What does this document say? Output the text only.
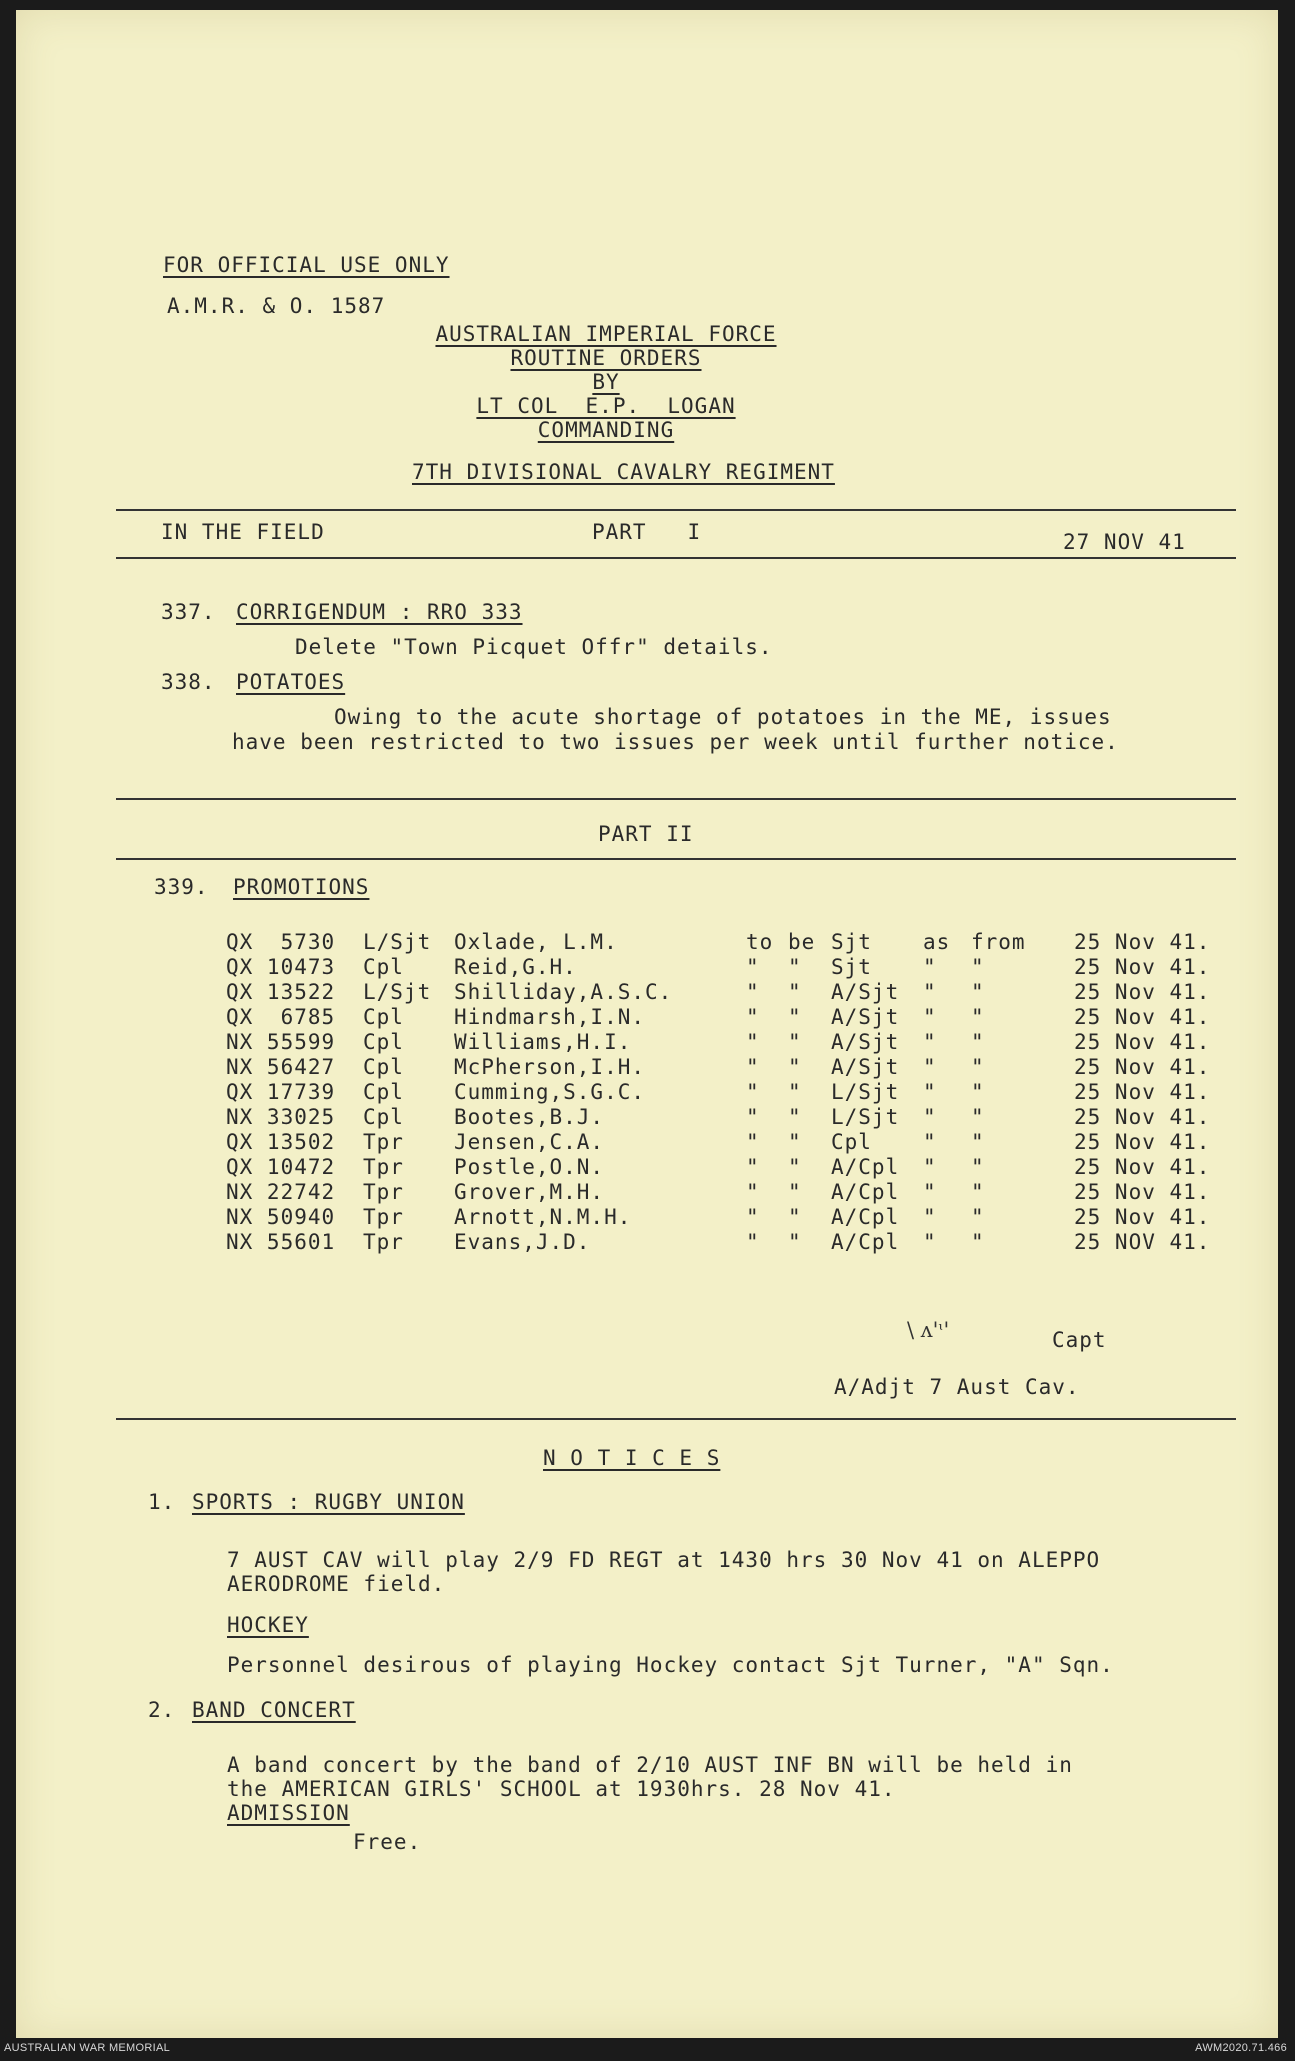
FOR OFFICIAL USE ONLY
A.M.R. & O. 1587
AUSTRALIAN IMPERIAL FORCE
ROUTINE ORDERS
BY
LT COL  E.P.  LOGAN
COMMANDING
7TH DIVISIONAL CAVALRY REGIMENT
IN THE FIELD	PART   I	27 NOV 41
337. CORRIGENDUM : RRO 333
Delete "Town Picquet Offr" details.
338. POTATOES
Owing to the acute shortage of potatoes in the ME, issues
have been restricted to two issues per week until further notice.
PART II
339. PROMOTIONS
QX  5730 L/Sjt Oxlade, L.M.	to be Sjt as from 25 Nov 41.
QX 10473 Cpl Reid,G.H.	" " Sjt " "	25 Nov 41.
QX 13522 L/Sjt Shilliday,A.S.C.	" " A/Sjt " "	25 Nov 41.
QX  6785 Cpl Hindmarsh,I.N.	" " A/Sjt " "	25 Nov 41.
NX 55599 Cpl Williams,H.I.	" " A/Sjt " "	25 Nov 41.
NX 56427 Cpl McPherson,I.H.	" " A/Sjt " "	25 Nov 41.
QX 17739 Cpl Cumming,S.G.C.	" " L/Sjt " "	25 Nov 41.
NX 33025 Cpl Bootes,B.J.	" " L/Sjt " "	25 Nov 41.
QX 13502 Tpr Jensen,C.A.	" " Cpl " "	25 Nov 41.
QX 10472 Tpr Postle,O.N.	" " A/Cpl " "	25 Nov 41.
NX 22742 Tpr Grover,M.H.	" " A/Cpl " "	25 Nov 41.
NX 50940 Tpr Arnott,N.M.H.	" " A/Cpl " "	25 Nov 41.
NX 55601 Tpr Evans,J.D.	" " A/Cpl " "	25 NOV 41.
\ ʌ'ᶥ'	Capt
A/Adjt 7 Aust Cav.
N O T I C E S
1. SPORTS : RUGBY UNION
7 AUST CAV will play 2/9 FD REGT at 1430 hrs 30 Nov 41 on ALEPPO
AERODROME field.
HOCKEY
Personnel desirous of playing Hockey contact Sjt Turner, "A" Sqn.
2. BAND CONCERT
A band concert by the band of 2/10 AUST INF BN will be held in
the AMERICAN GIRLS' SCHOOL at 1930hrs. 28 Nov 41.
ADMISSION
Free.
AUSTRALIAN WAR MEMORIAL	AWM2020.71.466
